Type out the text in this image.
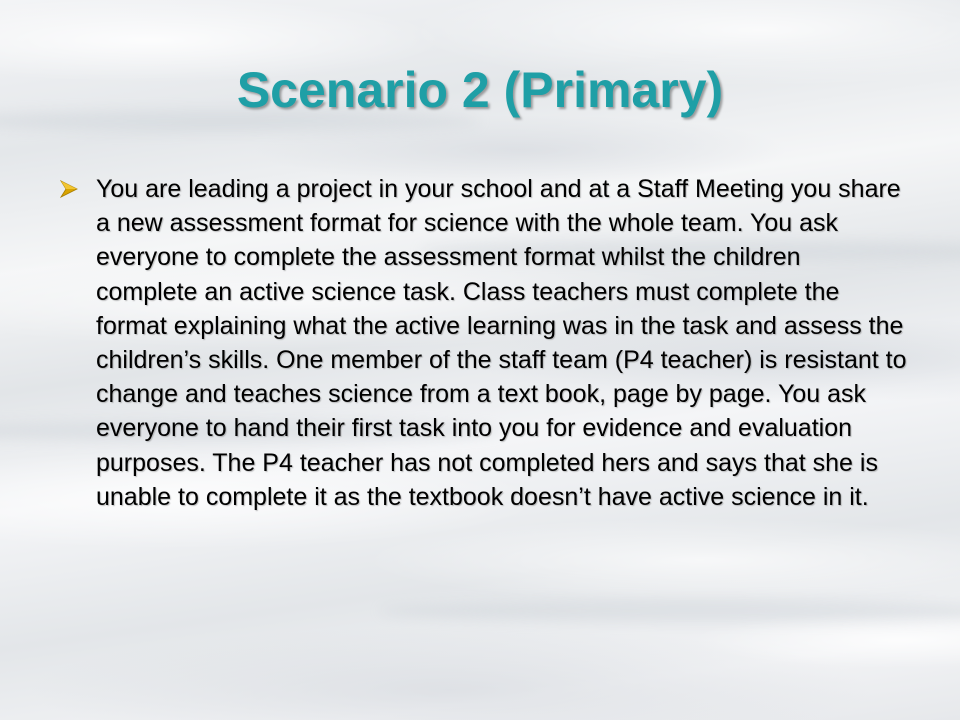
Scenario 2 (Primary)

You are leading a project in your school and at a Staff Meeting you share a new assessment format for science with the whole team. You ask everyone to complete the assessment format whilst the children complete an active science task. Class teachers must complete the format explaining what the active learning was in the task and assess the children’s skills. One member of the staff team (P4 teacher) is resistant to change and teaches science from a text book, page by page. You ask everyone to hand their first task into you for evidence and evaluation purposes. The P4 teacher has not completed hers and says that she is unable to complete it as the textbook doesn’t have active science in it.
